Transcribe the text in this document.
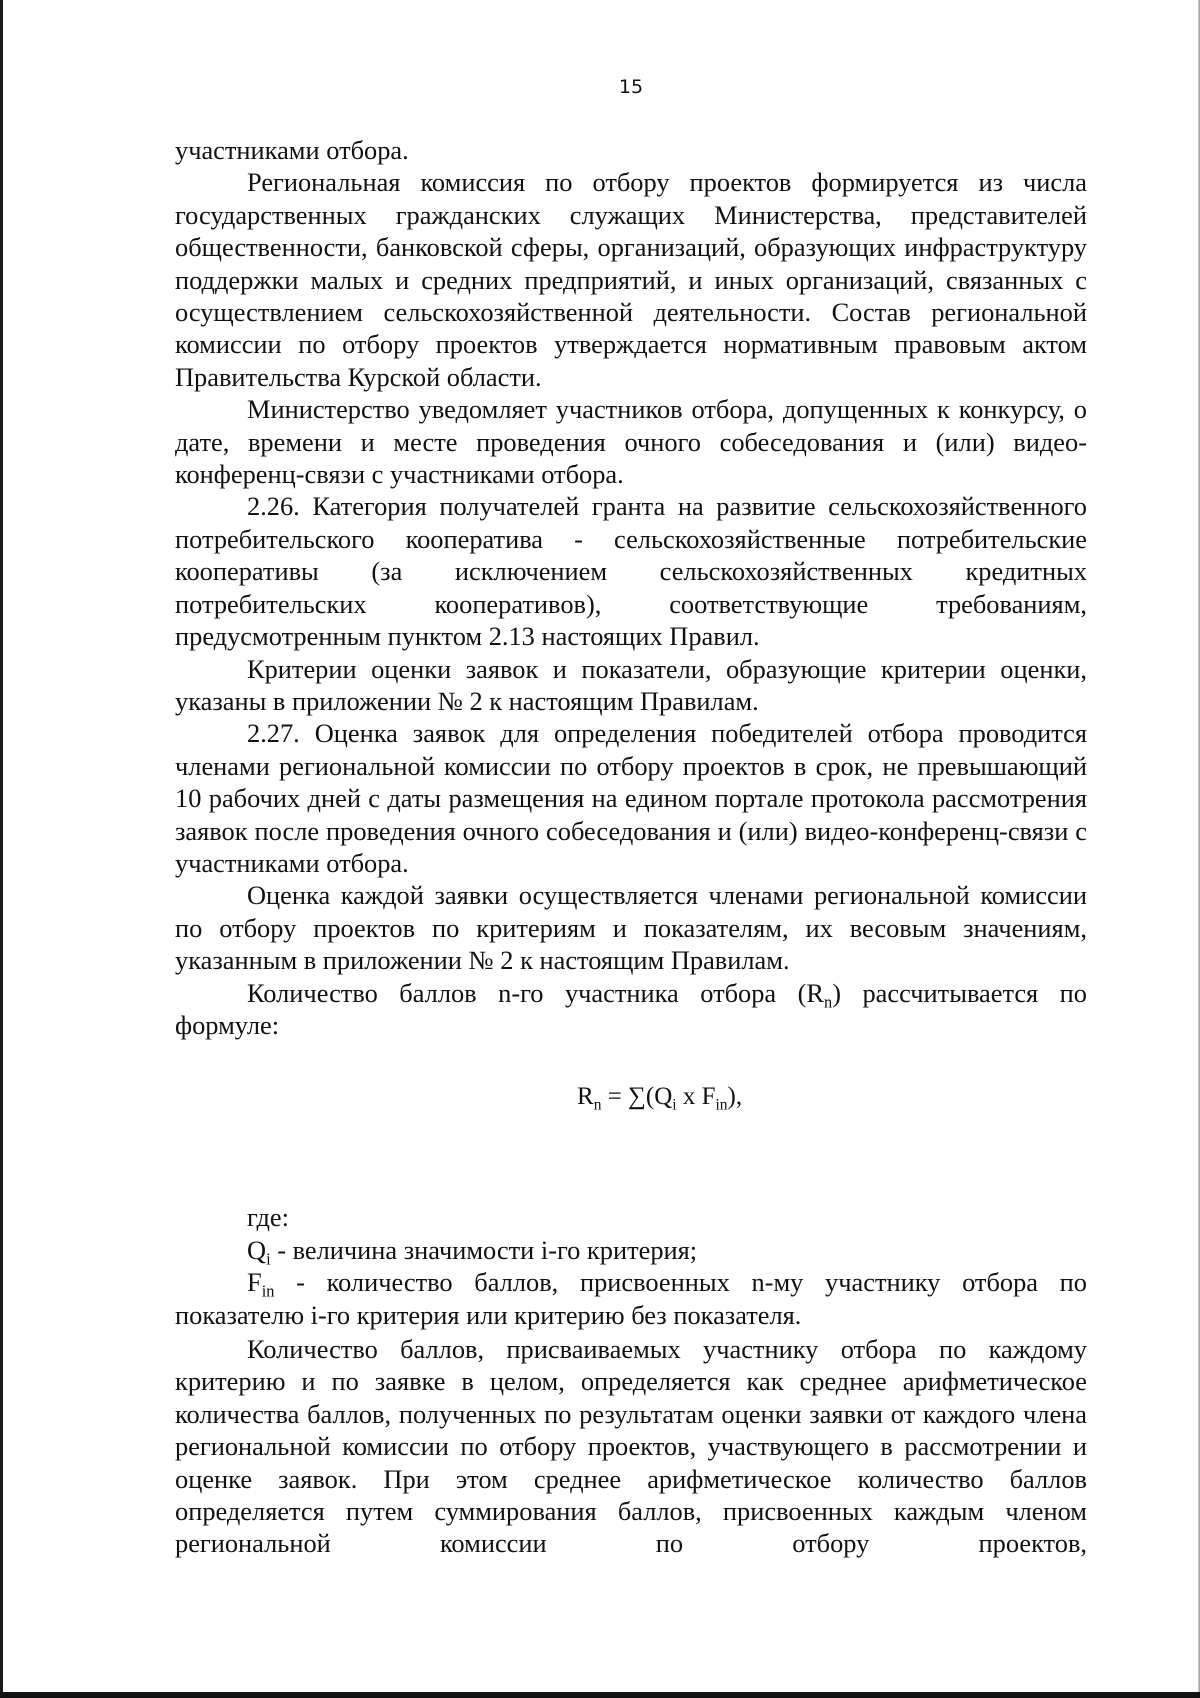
15

участниками отбора.

Региональная комиссия по отбору проектов формируется из числа государственных гражданских служащих Министерства, представителей общественности, банковской сферы, организаций, образующих инфраструктуру поддержки малых и средних предприятий, и иных организаций, связанных с осуществлением сельскохозяйственной деятельности. Состав региональной комиссии по отбору проектов утверждается нормативным правовым актом Правительства Курской области.

Министерство уведомляет участников отбора, допущенных к конкурсу, о дате, времени и месте проведения очного собеседования и (или) видео-конференц-связи с участниками отбора.

2.26. Категория получателей гранта на развитие сельскохозяйственного потребительского кооператива - сельскохозяйственные потребительские кооперативы (за исключением сельскохозяйственных кредитных потребительских кооперативов), соответствующие требованиям, предусмотренным пунктом 2.13 настоящих Правил.

Критерии оценки заявок и показатели, образующие критерии оценки, указаны в приложении № 2 к настоящим Правилам.

2.27. Оценка заявок для определения победителей отбора проводится членами региональной комиссии по отбору проектов в срок, не превышающий 10 рабочих дней с даты размещения на едином портале протокола рассмотрения заявок после проведения очного собеседования и (или) видео-конференц-связи с участниками отбора.

Оценка каждой заявки осуществляется членами региональной комиссии по отбору проектов по критериям и показателям, их весовым значениям, указанным в приложении № 2 к настоящим Правилам.

Количество баллов n-го участника отбора $(R_n)$ рассчитывается по формуле:

$R_n = \sum(Q_i$ x $F_{in}$),

где:

$Q_i$ - величина значимости i-го критерия;

$F_{in}$ - количество баллов, присвоенных n-му участнику отбора по показателю i-го критерия или критерию без показателя.

Количество баллов, присваиваемых участнику отбора по каждому критерию и по заявке в целом, определяется как среднее арифметическое количества баллов, полученных по результатам оценки заявки от каждого члена региональной комиссии по отбору проектов, участвующего в рассмотрении и оценке заявок. При этом среднее арифметическое количество баллов определяется путем суммирования баллов, присвоенных каждым членом региональной комиссии по отбору проектов,
